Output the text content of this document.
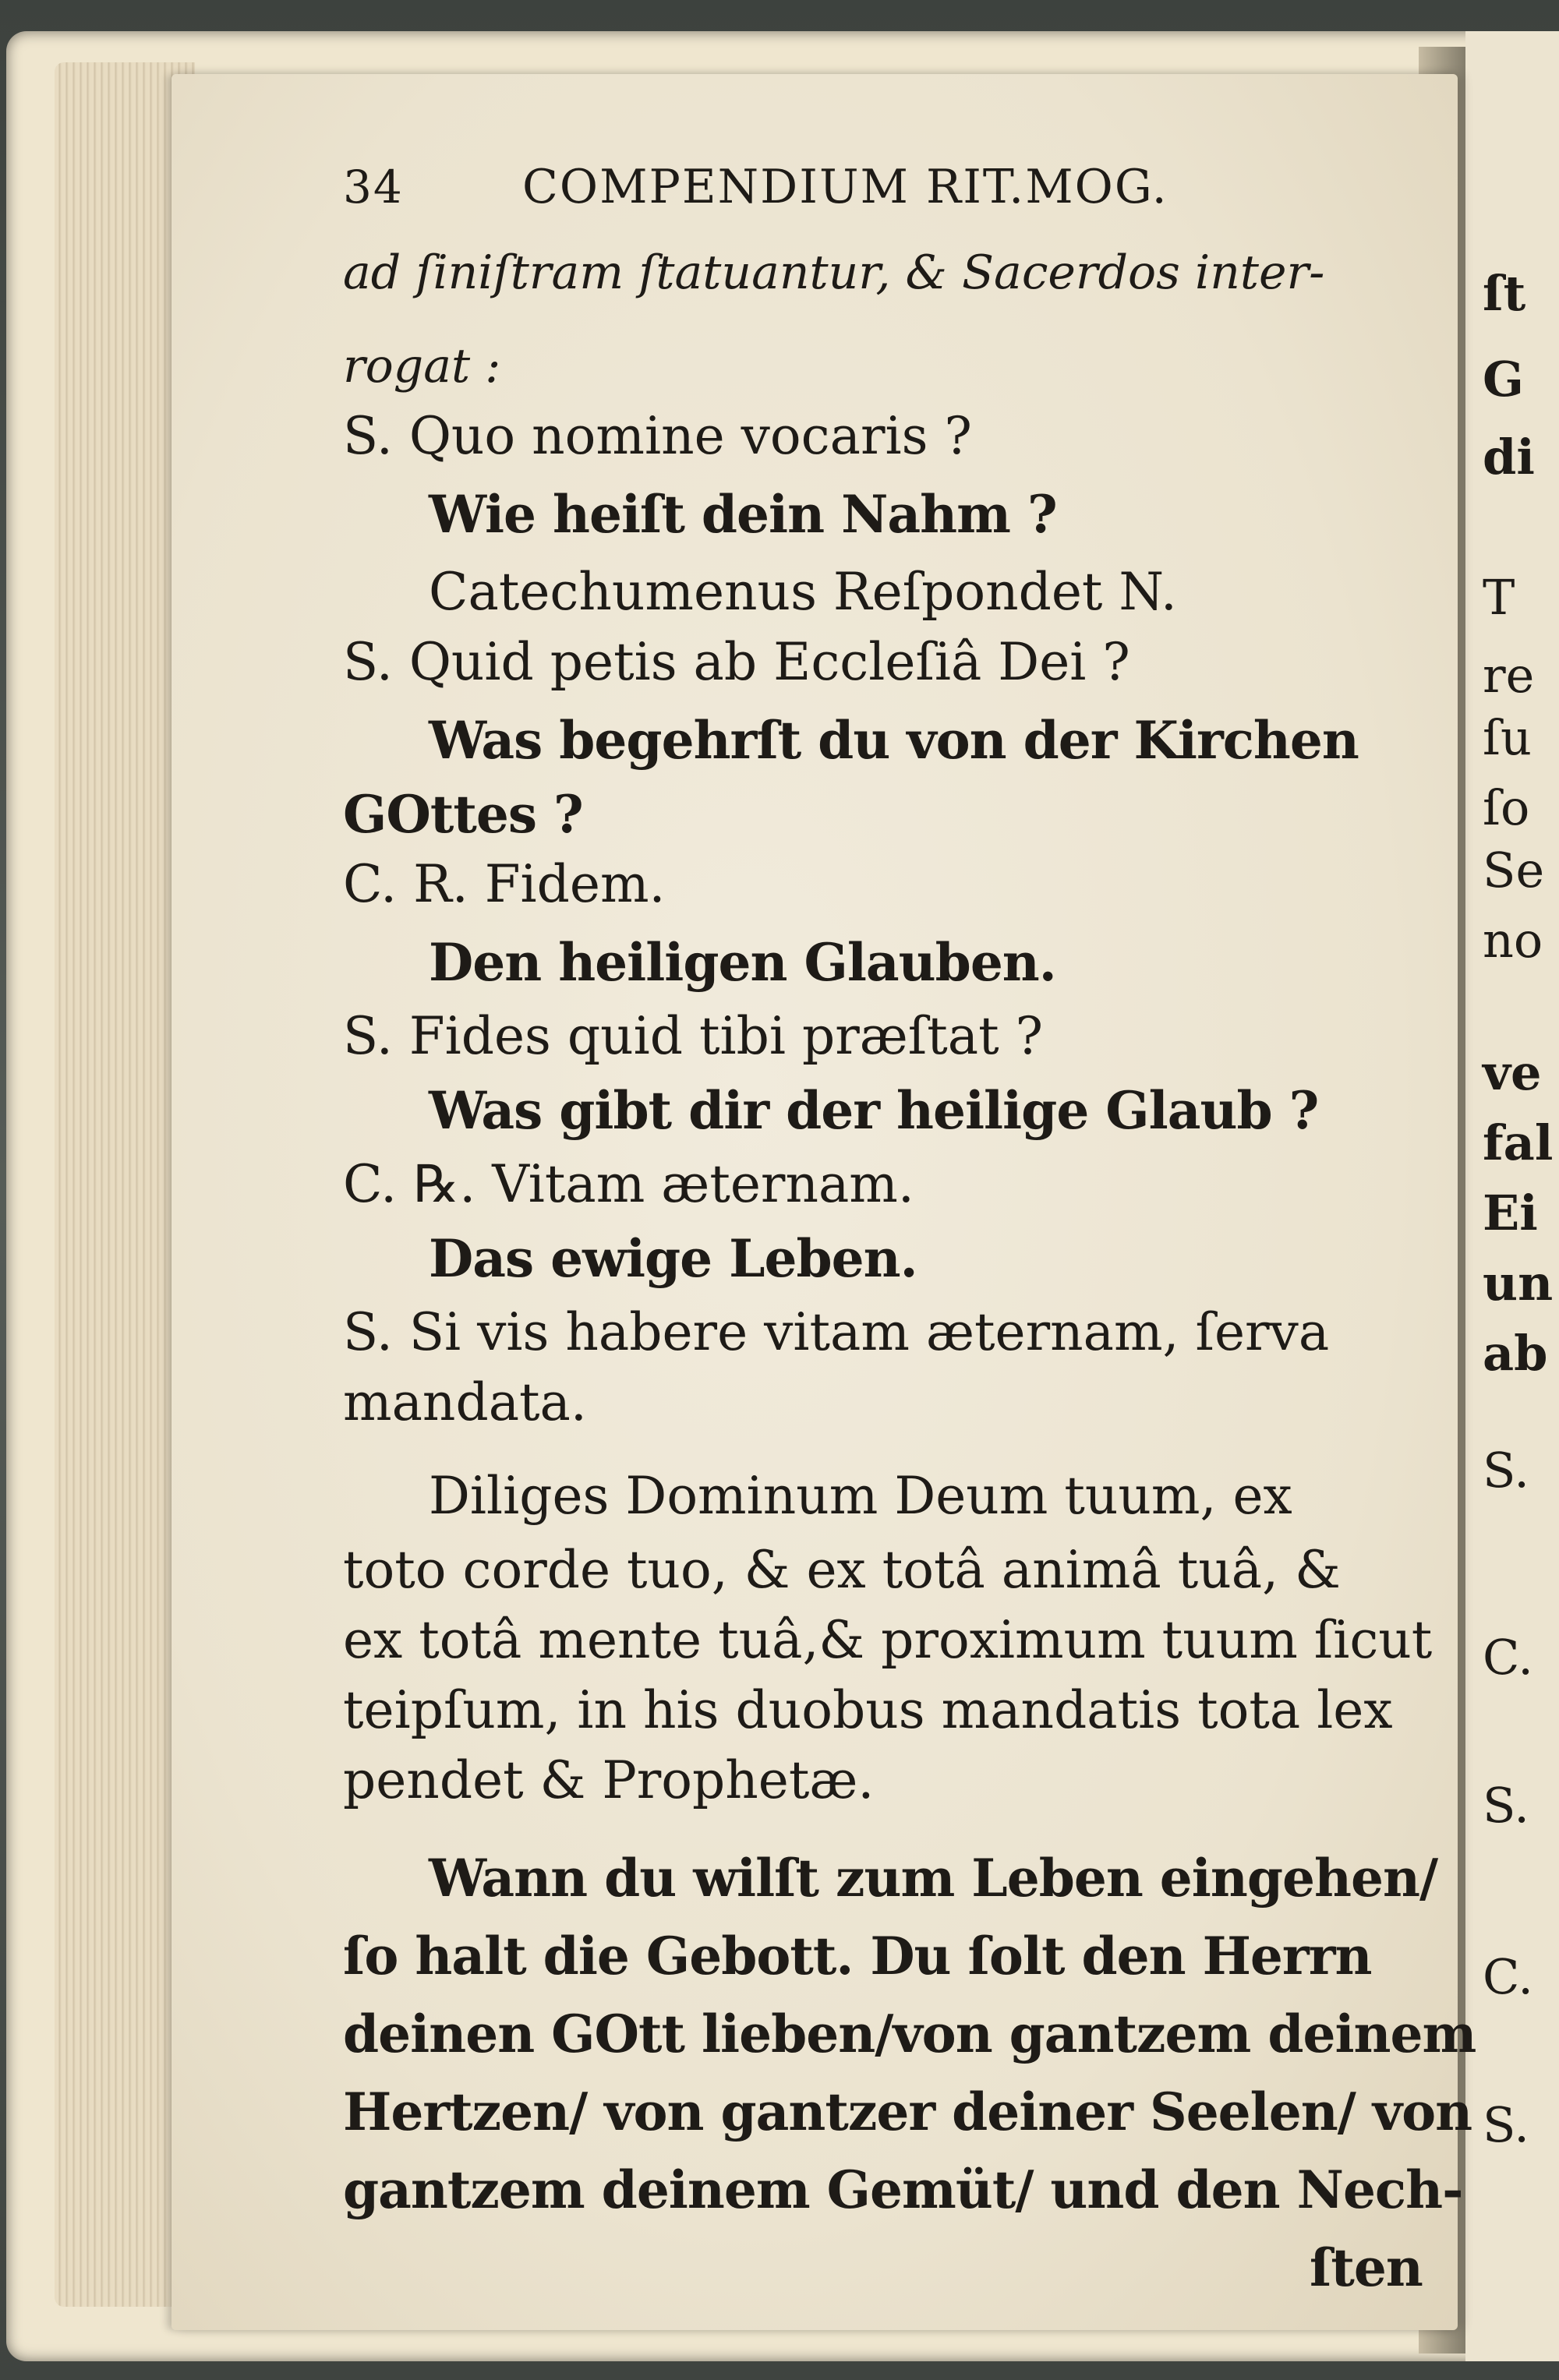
ſt
G
di
T
re
ſu
ſo
Se
no
ve
fal
Ei
un
ab
S.
C.
S.
C.
S.
34	COMPENDIUM RIT.MOG.
ad ſiniſtram ſtatuantur, & Sacerdos inter-
rogat :
S. Quo nomine vocaris ?
Wie heiſt dein Nahm ?
Catechumenus Reſpondet N.
S. Quid petis ab Eccleſiâ Dei ?
Was begehrſt du von der Kirchen
GOttes ?
C. R. Fidem.
Den heiligen Glauben.
S. Fides quid tibi præſtat ?
Was gibt dir der heilige Glaub ?
C. ℞. Vitam æternam.
Das ewige Leben.
S. Si vis habere vitam æternam, ſerva
mandata.
Diliges Dominum Deum tuum, ex
toto corde tuo, & ex totâ animâ tuâ, &
ex totâ mente tuâ,& proximum tuum ſicut
teipſum, in his duobus mandatis tota lex
pendet & Prophetæ.
Wann du wilſt zum Leben eingehen/
ſo halt die Gebott. Du ſolt den Herrn
deinen GOtt lieben/von gantzem deinem
Hertzen/ von gantzer deiner Seelen/ von
gantzem deinem Gemüt/ und den Nech-
ſten
